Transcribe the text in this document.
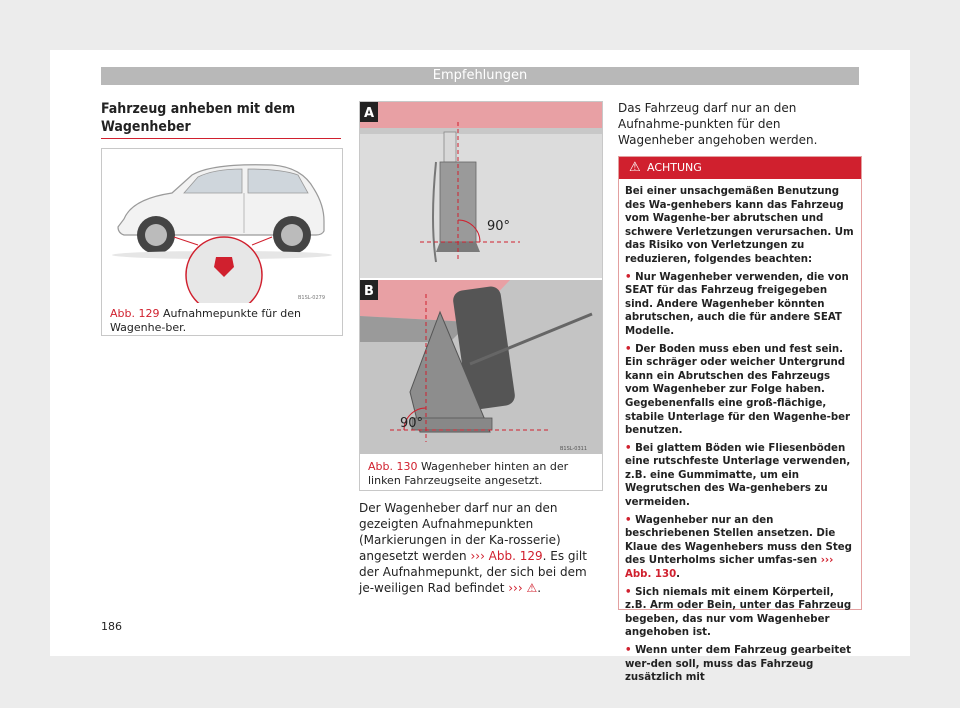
Empfehlungen
Fahrzeug anheben mit dem Wagenheber
B1SL-0279
Abb. 129 Aufnahmepunkte für den Wagenhe-ber.
90°
A
90°
B
B1SL-0311
Abb. 130 Wagenheber hinten an der linken Fahrzeugseite angesetzt.
Der Wagenheber darf nur an den gezeigten Aufnahmepunkten (Markierungen in der Ka-rosserie) angesetzt werden ››› Abb. 129. Es gilt der Aufnahmepunkt, der sich bei dem je-weiligen Rad befindet ››› ⚠.
Das Fahrzeug darf nur an den Aufnahme-punkten für den Wagenheber angehoben werden.
⚠ ACHTUNG

Bei einer unsachgemäßen Benutzung des Wa-genhebers kann das Fahrzeug vom Wagenhe-ber abrutschen und schwere Verletzungen verursachen. Um das Risiko von Verletzungen zu reduzieren, folgendes beachten:

• Nur Wagenheber verwenden, die von SEAT für das Fahrzeug freigegeben sind. Andere Wagenheber könnten abrutschen, auch die für andere SEAT Modelle.

• Der Boden muss eben und fest sein. Ein schräger oder weicher Untergrund kann ein Abrutschen des Fahrzeugs vom Wagenheber zur Folge haben. Gegebenenfalls eine groß-flächige, stabile Unterlage für den Wagenhe-ber benutzen.

• Bei glattem Böden wie Fliesenböden eine rutschfeste Unterlage verwenden, z.B. eine Gummimatte, um ein Wegrutschen des Wa-genhebers zu vermeiden.

• Wagenheber nur an den beschriebenen Stellen ansetzen. Die Klaue des Wagenhebers muss den Steg des Unterholms sicher umfas-sen ››› Abb. 130.

• Sich niemals mit einem Körperteil, z.B. Arm oder Bein, unter das Fahrzeug begeben, das nur vom Wagenheber angehoben ist.

• Wenn unter dem Fahrzeug gearbeitet wer-den soll, muss das Fahrzeug zusätzlich mit

186
